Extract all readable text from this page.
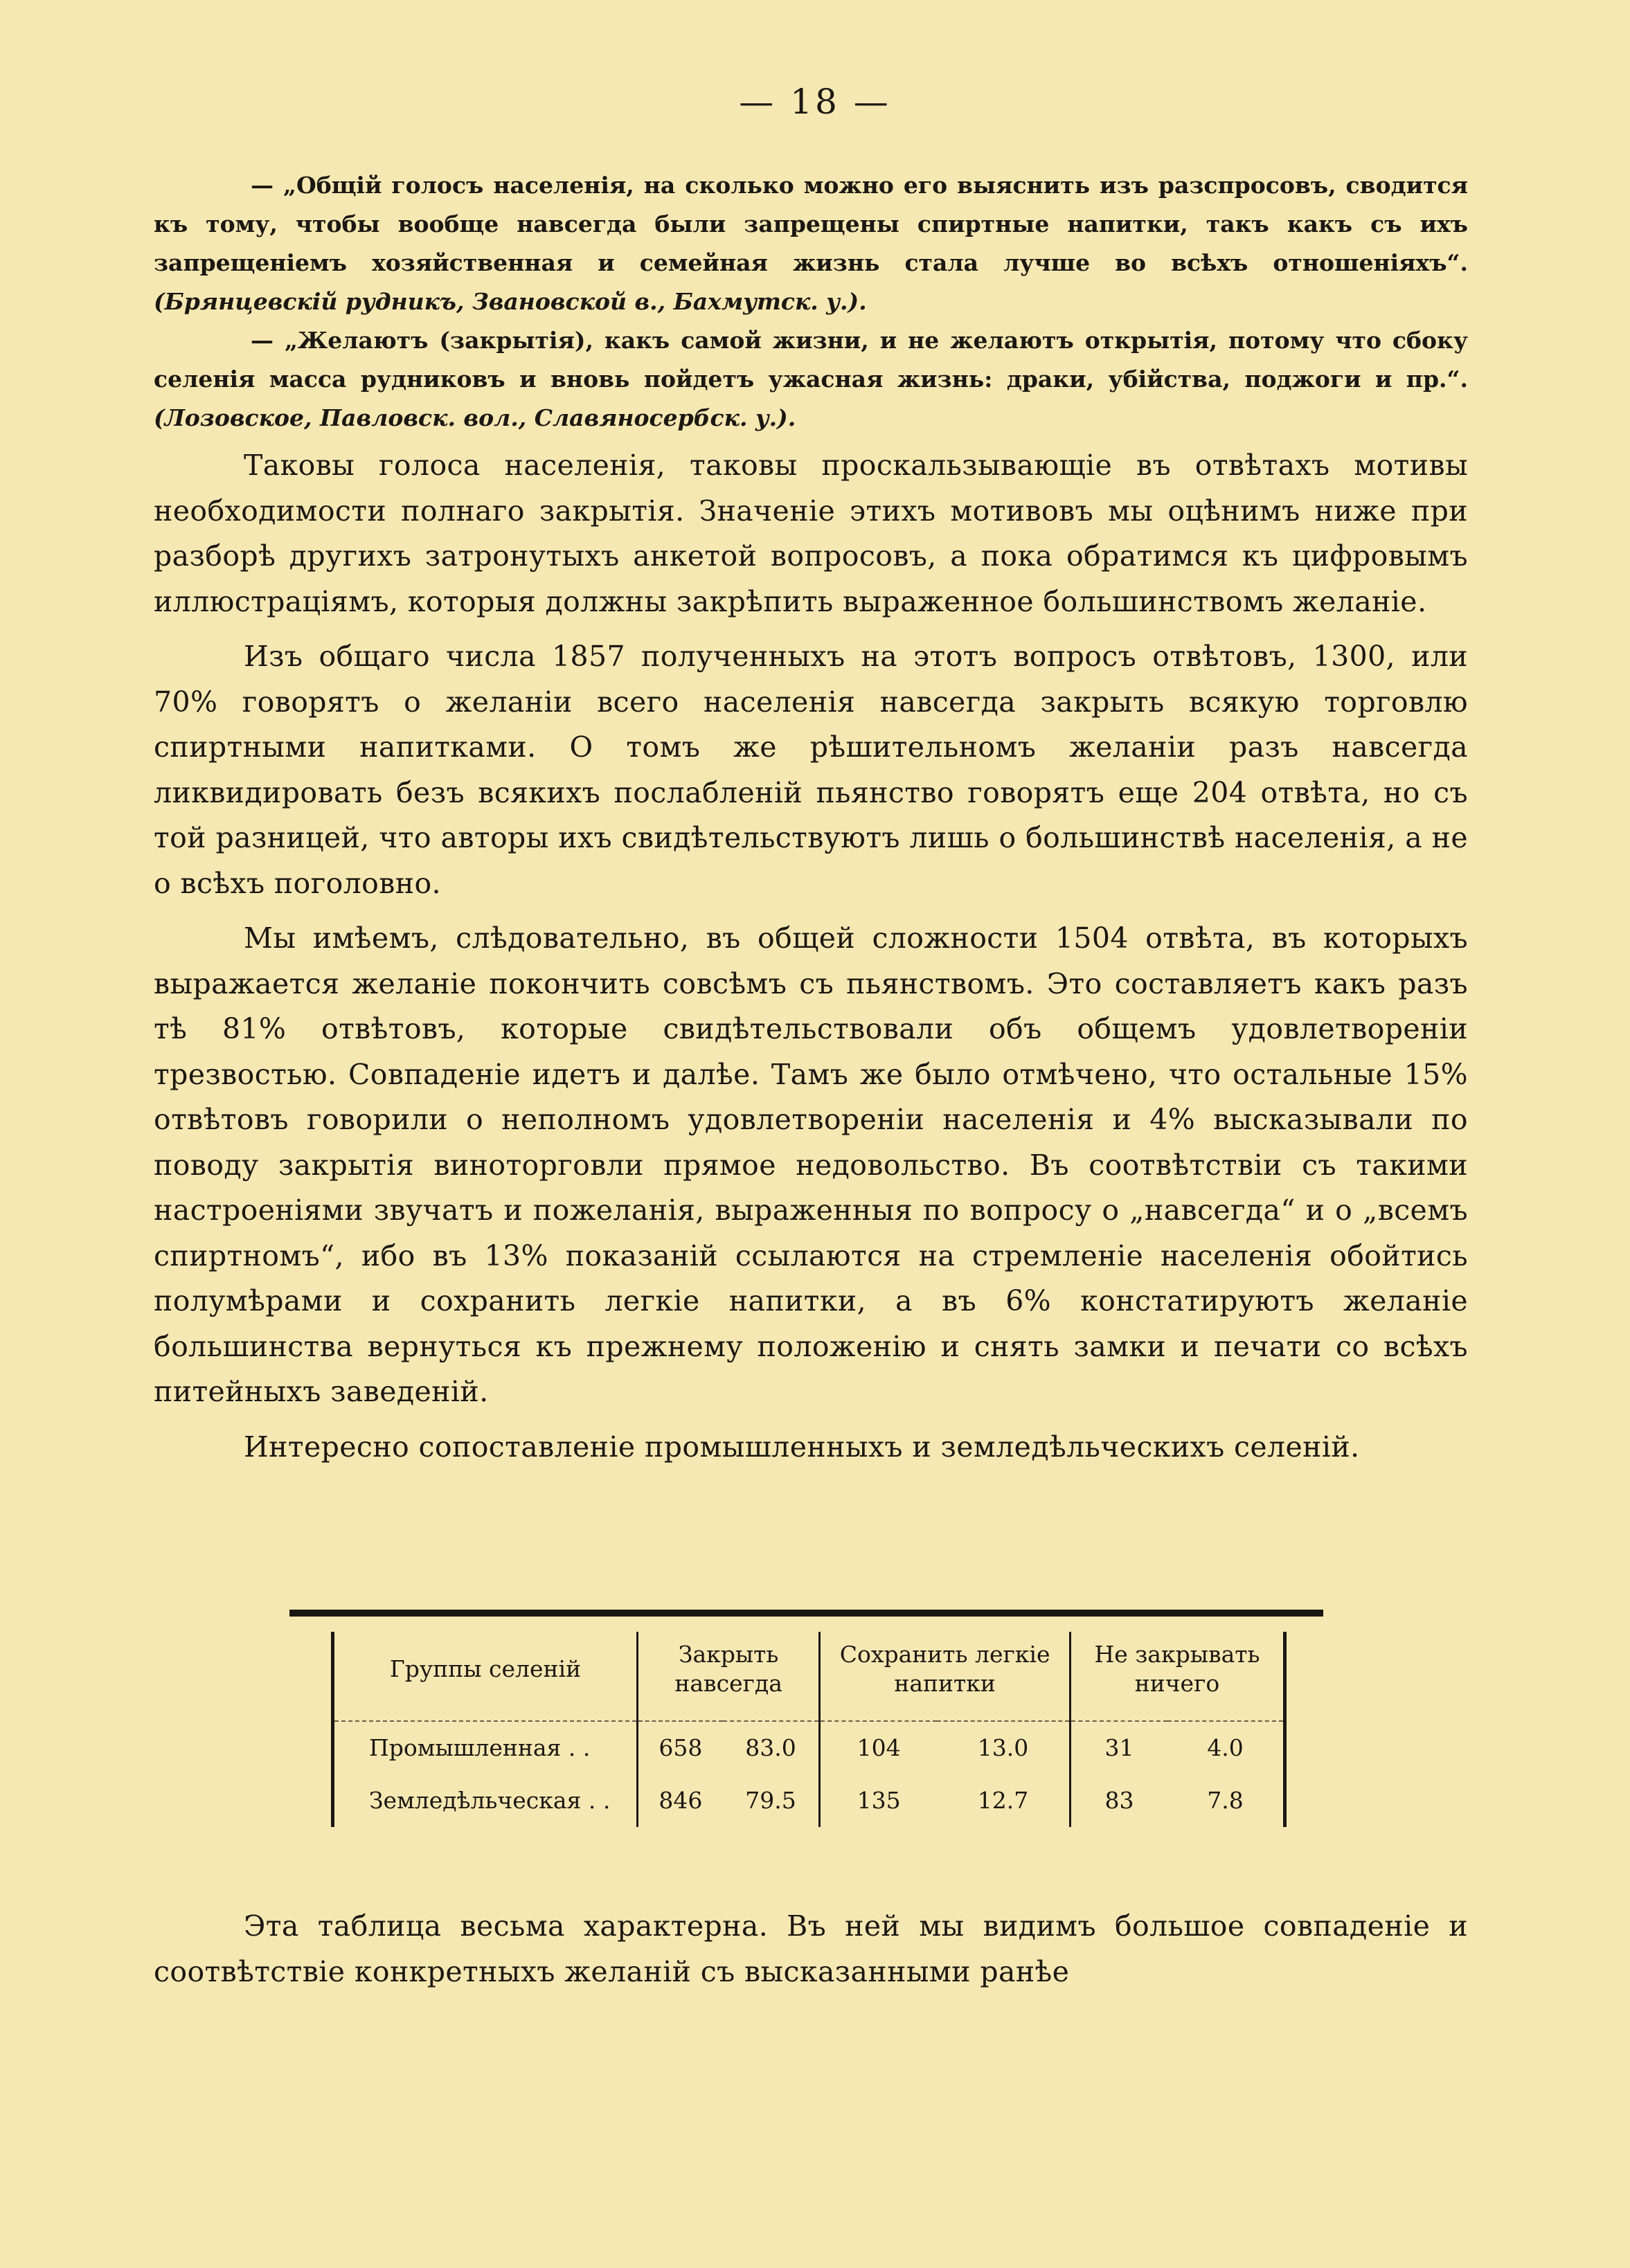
— 18 —

— „Общій голосъ населенія, на сколько можно его выяснить изъ разспросовъ, сводится къ тому, чтобы вообще навсегда были запрещены спиртные напитки, такъ какъ съ ихъ запрещеніемъ хозяйственная и семейная жизнь стала лучше во всѣхъ отношеніяхъ“. (Брянцевскій рудникъ, Звановской в., Бахмутск. у.).

— „Желаютъ (закрытія), какъ самой жизни, и не желаютъ открытія, потому что сбоку селенія масса рудниковъ и вновь пойдетъ ужасная жизнь: драки, убійства, поджоги и пр.“. (Лозовское, Павловск. вол., Славяносербск. у.).

Таковы голоса населенія, таковы проскальзывающіе въ отвѣтахъ мотивы необходимости полнаго закрытія. Значеніе этихъ мотивовъ мы оцѣнимъ ниже при разборѣ другихъ затронутыхъ анкетой вопросовъ, а пока обратимся къ цифровымъ иллюстраціямъ, которыя должны закрѣпить выраженное большинствомъ желаніе.

Изъ общаго числа 1857 полученныхъ на этотъ вопросъ отвѣтовъ, 1300, или 70% говорятъ о желаніи всего населенія навсегда закрыть всякую торговлю спиртными напитками. О томъ же рѣшительномъ желаніи разъ навсегда ликвидировать безъ всякихъ послабленій пьянство говорятъ еще 204 отвѣта, но съ той разницей, что авторы ихъ свидѣтельствуютъ лишь о большинствѣ населенія, а не о всѣхъ поголовно.

Мы имѣемъ, слѣдовательно, въ общей сложности 1504 отвѣта, въ которыхъ выражается желаніе покончить совсѣмъ съ пьянствомъ. Это составляетъ какъ разъ тѣ 81% отвѣтовъ, которые свидѣтельствовали объ общемъ удовлетвореніи трезвостью. Совпаденіе идетъ и далѣе. Тамъ же было отмѣчено, что остальные 15% отвѣтовъ говорили о неполномъ удовлетвореніи населенія и 4% высказывали по поводу закрытія виноторговли прямое недовольство. Въ соотвѣтствіи съ такими настроеніями звучатъ и пожеланія, выраженныя по вопросу о „навсегда“ и о „всемъ спиртномъ“, ибо въ 13% показаній ссылаются на стремленіе населенія обойтись полумѣрами и сохранить легкіе напитки, а въ 6% констатируютъ желаніе большинства вернуться къ прежнему положенію и снять замки и печати со всѣхъ питейныхъ заведеній.

Интересно сопоставленіе промышленныхъ и земледѣльческихъ селеній.

Группы селеній	Закрыть навсегда		Сохранить легкіе напитки		Не закрывать ничего	
Промышленная . .	658	83.0	104	13.0	31	4.0
Земледѣльческая . .	846	79.5	135	12.7	83	7.8

Эта таблица весьма характерна. Въ ней мы видимъ большое совпаденіе и соотвѣтствіе конкретныхъ желаній съ высказанными ранѣе
